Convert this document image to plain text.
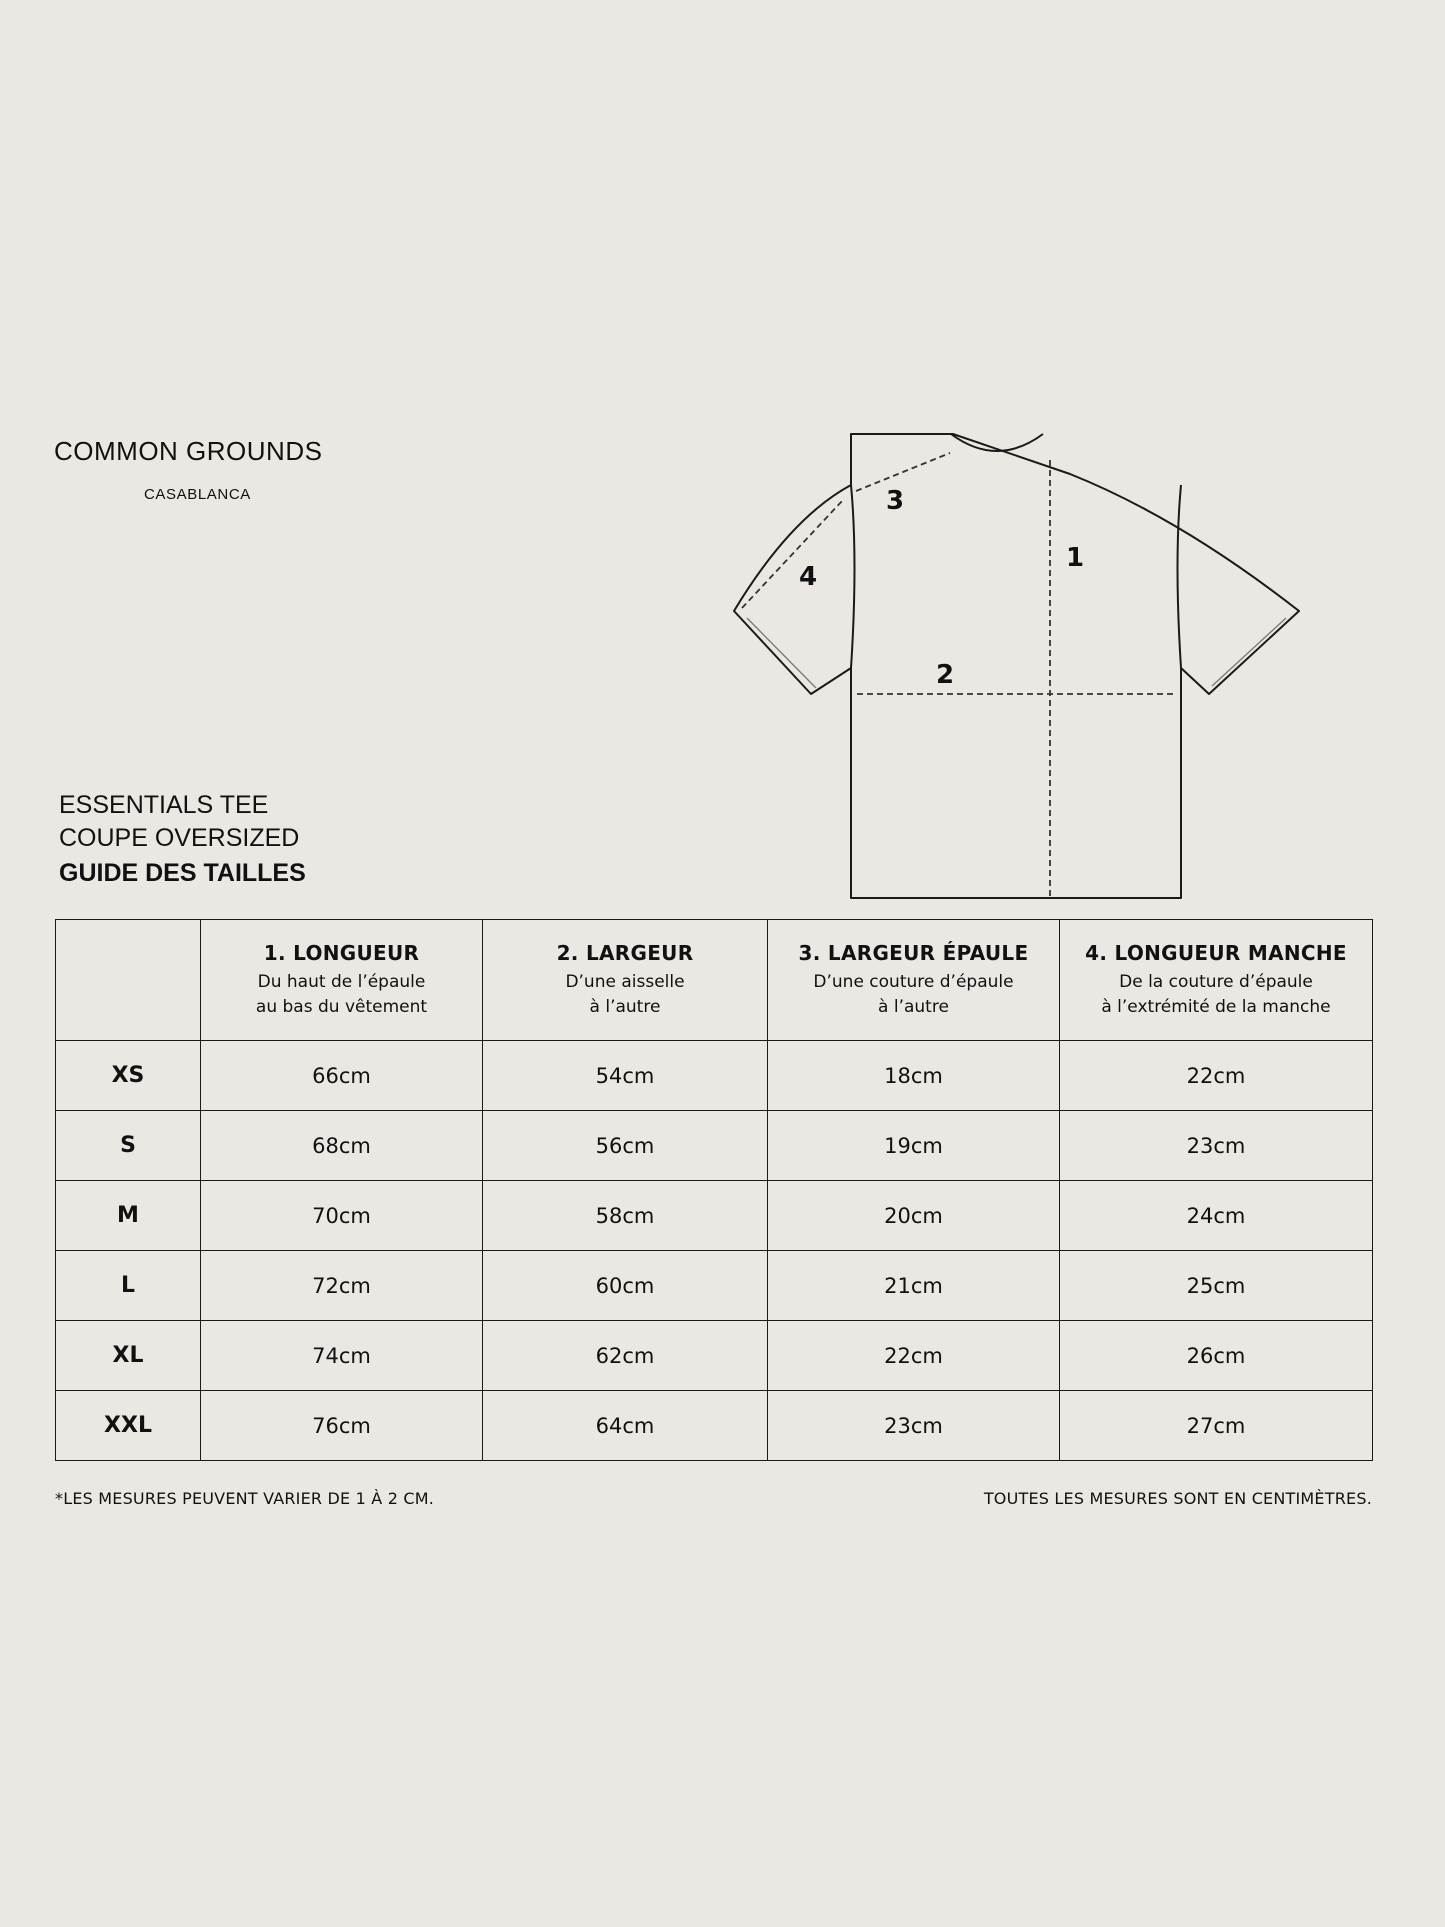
COMMON GROUNDS
CASABLANCA
1
2
3
4
ESSENTIALS TEE
COUPE OVERSIZED
GUIDE DES TAILLES

	1. LONGUEUR
Du haut de l’épaule
au bas du vêtement	2. LARGEUR
D’une aisselle
à l’autre	3. LARGEUR ÉPAULE
D’une couture d’épaule
à l’autre	4. LONGUEUR MANCHE
De la couture d’épaule
à l’extrémité de la manche

XS	66cm	54cm	18cm	22cm
S	68cm	56cm	19cm	23cm
M	70cm	58cm	20cm	24cm
L	72cm	60cm	21cm	25cm
XL	74cm	62cm	22cm	26cm
XXL	76cm	64cm	23cm	27cm
*LES MESURES PEUVENT VARIER DE 1 À 2 CM.	TOUTES LES MESURES SONT EN CENTIMÈTRES.
